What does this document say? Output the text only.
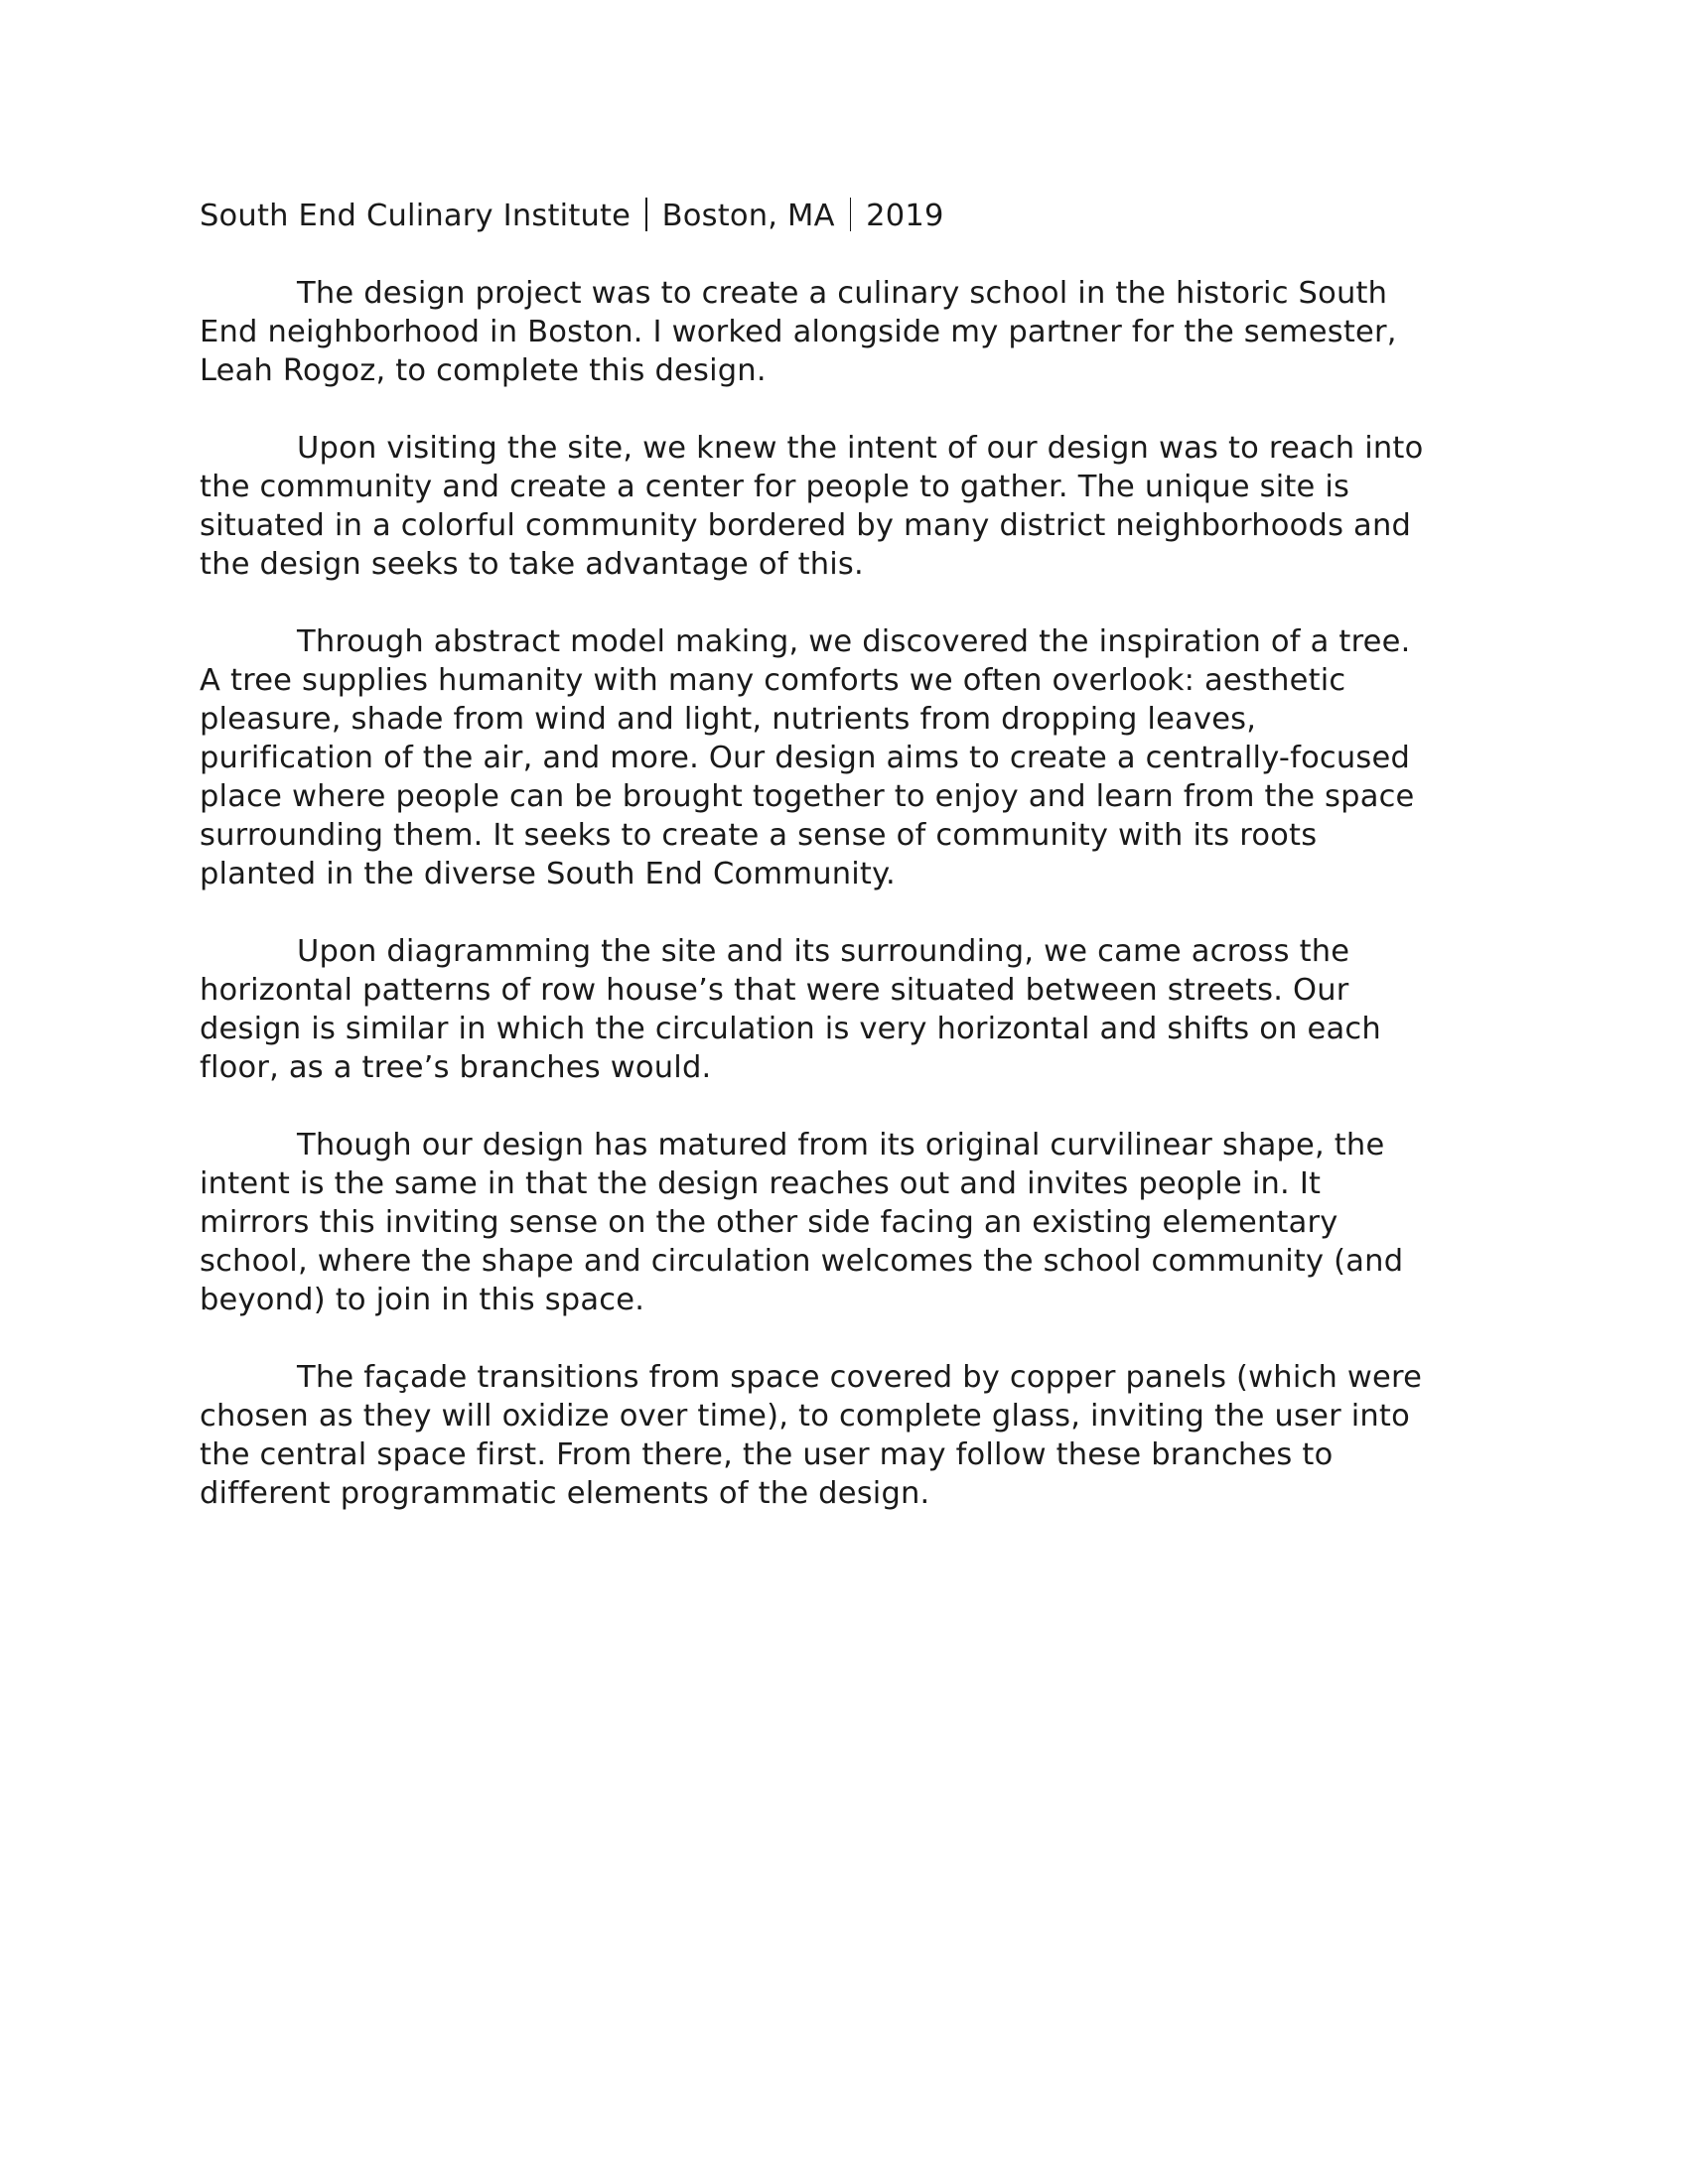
South End Culinary Institute Boston, MA 2019
The design project was to create a culinary school in the historic South
End neighborhood in Boston. I worked alongside my partner for the semester,
Leah Rogoz, to complete this design.
Upon visiting the site, we knew the intent of our design was to reach into
the community and create a center for people to gather. The unique site is
situated in a colorful community bordered by many district neighborhoods and
the design seeks to take advantage of this.
Through abstract model making, we discovered the inspiration of a tree.
A tree supplies humanity with many comforts we often overlook: aesthetic
pleasure, shade from wind and light, nutrients from dropping leaves,
purification of the air, and more. Our design aims to create a centrally-focused
place where people can be brought together to enjoy and learn from the space
surrounding them. It seeks to create a sense of community with its roots
planted in the diverse South End Community.
Upon diagramming the site and its surrounding, we came across the
horizontal patterns of row house’s that were situated between streets. Our
design is similar in which the circulation is very horizontal and shifts on each
floor, as a tree’s branches would.
Though our design has matured from its original curvilinear shape, the
intent is the same in that the design reaches out and invites people in. It
mirrors this inviting sense on the other side facing an existing elementary
school, where the shape and circulation welcomes the school community (and
beyond) to join in this space.
The façade transitions from space covered by copper panels (which were
chosen as they will oxidize over time), to complete glass, inviting the user into
the central space first. From there, the user may follow these branches to
different programmatic elements of the design.
